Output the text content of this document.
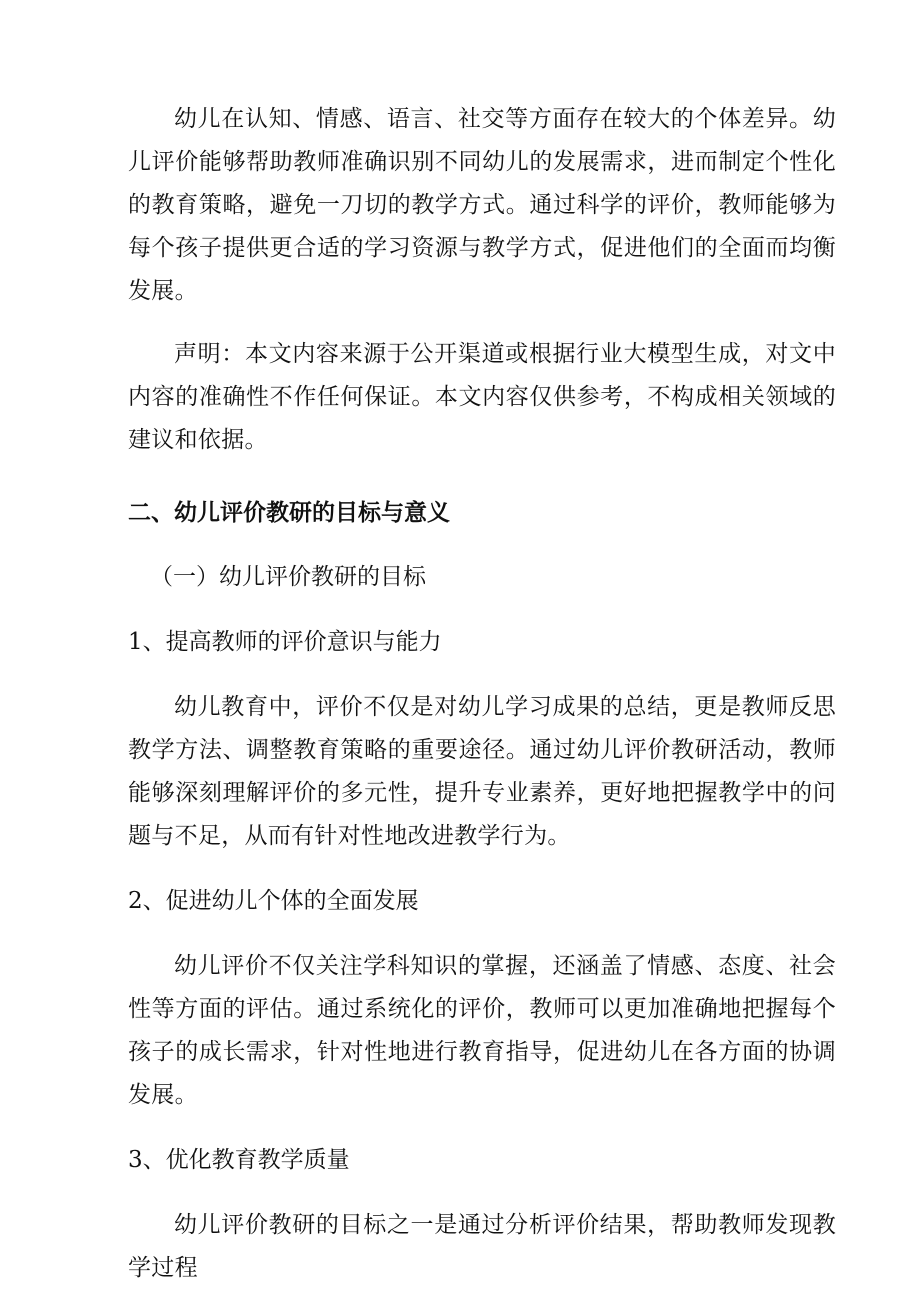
幼儿在认知、情感、语言、社交等方面存在较大的个体差异。幼儿评价能够帮助教师准确识别不同幼儿的发展需求，进而制定个性化的教育策略，避免一刀切的教学方式。通过科学的评价，教师能够为每个孩子提供更合适的学习资源与教学方式，促进他们的全面而均衡发展。

声明：本文内容来源于公开渠道或根据行业大模型生成，对文中内容的准确性不作任何保证。本文内容仅供参考，不构成相关领域的建议和依据。

二、幼儿评价教研的目标与意义

（一）幼儿评价教研的目标

1、提高教师的评价意识与能力

幼儿教育中，评价不仅是对幼儿学习成果的总结，更是教师反思教学方法、调整教育策略的重要途径。通过幼儿评价教研活动，教师能够深刻理解评价的多元性，提升专业素养，更好地把握教学中的问题与不足，从而有针对性地改进教学行为。

2、促进幼儿个体的全面发展

幼儿评价不仅关注学科知识的掌握，还涵盖了情感、态度、社会性等方面的评估。通过系统化的评价，教师可以更加准确地把握每个孩子的成长需求，针对性地进行教育指导，促进幼儿在各方面的协调发展。

3、优化教育教学质量

幼儿评价教研的目标之一是通过分析评价结果，帮助教师发现教学过程
